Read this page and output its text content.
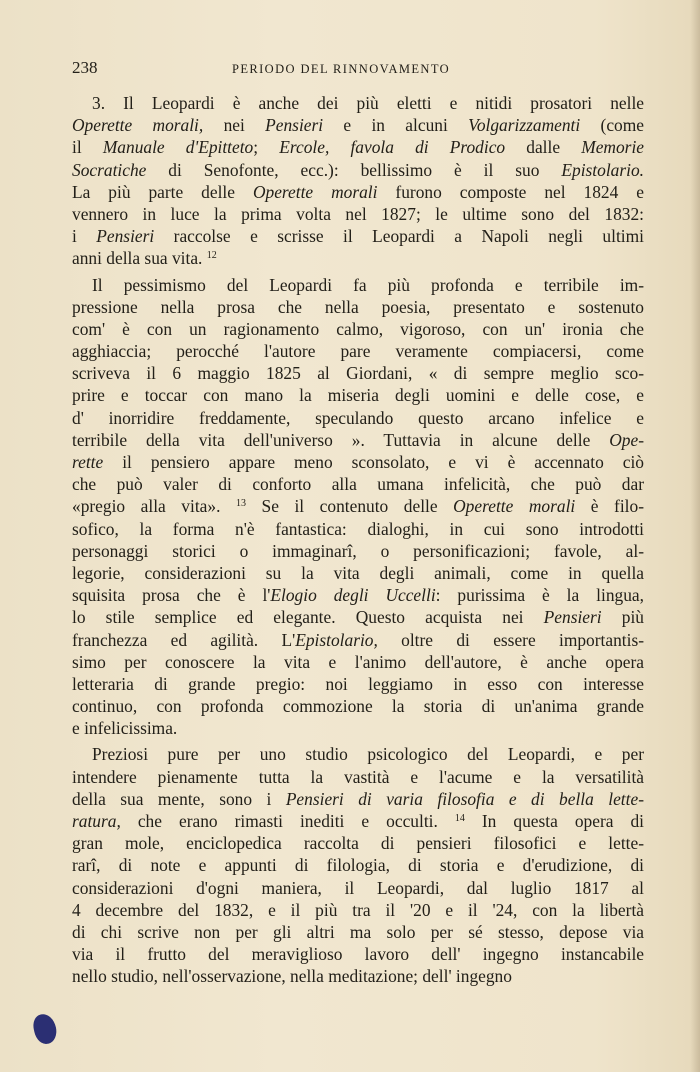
238	PERIODO DEL RINNOVAMENTO
3. Il Leopardi è anche dei più eletti e nitidi prosatori nelle
Operette morali, nei Pensieri e in alcuni Volgarizzamenti (come
il Manuale d'Epitteto; Ercole, favola di Prodico dalle Memorie
Socratiche di Senofonte, ecc.): bellissimo è il suo Epistolario.
La più parte delle Operette morali furono composte nel 1824 e
vennero in luce la prima volta nel 1827; le ultime sono del 1832:
i Pensieri raccolse e scrisse il Leopardi a Napoli negli ultimi
anni della sua vita. $^{12}$
Il pessimismo del Leopardi fa più profonda e terribile im-
pressione nella prosa che nella poesia, presentato e sostenuto
com' è con un ragionamento calmo, vigoroso, con un' ironia che
agghiaccia; perocché l'autore pare veramente compiacersi, come
scriveva il 6 maggio 1825 al Giordani, « di sempre meglio sco-
prire e toccar con mano la miseria degli uomini e delle cose, e
d' inorridire freddamente, speculando questo arcano infelice e
terribile della vita dell'universo ». Tuttavia in alcune delle Ope-
rette il pensiero appare meno sconsolato, e vi è accennato ciò
che può valer di conforto alla umana infelicità, che può dar
«pregio alla vita». $^{13}$ Se il contenuto delle Operette morali è filo-
sofico, la forma n'è fantastica: dialoghi, in cui sono introdotti
personaggi storici o immaginarî, o personificazioni; favole, al-
legorie, considerazioni su la vita degli animali, come in quella
squisita prosa che è l'Elogio degli Uccelli: purissima è la lingua,
lo stile semplice ed elegante. Questo acquista nei Pensieri più
franchezza ed agilità. L'Epistolario, oltre di essere importantis-
simo per conoscere la vita e l'animo dell'autore, è anche opera
letteraria di grande pregio: noi leggiamo in esso con interesse
continuo, con profonda commozione la storia di un'anima grande
e infelicissima.
Preziosi pure per uno studio psicologico del Leopardi, e per
intendere pienamente tutta la vastità e l'acume e la versatilità
della sua mente, sono i Pensieri di varia filosofia e di bella lette-
ratura, che erano rimasti inediti e occulti. $^{14}$ In questa opera di
gran mole, enciclopedica raccolta di pensieri filosofici e lette-
rarî, di note e appunti di filologia, di storia e d'erudizione, di
considerazioni d'ogni maniera, il Leopardi, dal luglio 1817 al
4 decembre del 1832, e il più tra il '20 e il '24, con la libertà
di chi scrive non per gli altri ma solo per sé stesso, depose via
via il frutto del meraviglioso lavoro dell' ingegno instancabile
nello studio, nell'osservazione, nella meditazione; dell' ingegno
